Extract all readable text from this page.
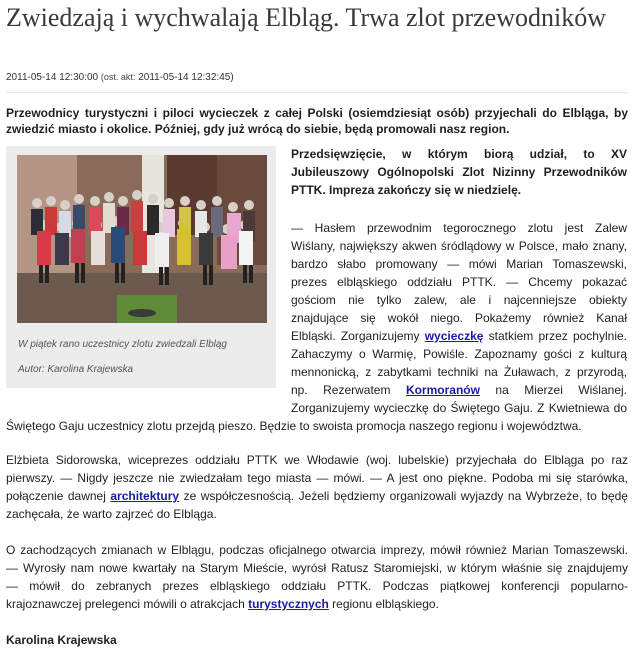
Zwiedzają i wychwalają Elbląg. Trwa zlot przewodników
2011-05-14 12:30:00 (ost. akt: 2011-05-14 12:32:45)

Przewodnicy turystyczni i piloci wycieczek z całej Polski (osiemdziesiąt osób) przyjechali do Elbląga, by zwiedzić miasto i okolice. Później, gdy już wrócą do siebie, będą promowali nasz region.

W piątek rano uczestnicy zlotu zwiedzali Elbląg
Autor: Karolina Krajewska
Przedsięwzięcie, w którym biorą udział, to XV
Jubileuszowy Ogólnopolski Zlot Nizinny Przewodników
PTTK. Impreza zakończy się w niedzielę.
— Hasłem przewodnim tegorocznego zlotu jest Zalew
Wiślany, największy akwen śródlądowy w Polsce, mało znany,
bardzo słabo promowany — mówi Marian Tomaszewski,
prezes elbląskiego oddziału PTTK. — Chcemy pokazać
gościom nie tylko zalew, ale i najcenniejsze obiekty
znajdujące się wokół niego. Pokażemy również Kanał
Elbląski. Zorganizujemy wycieczkę statkiem przez pochylnie.
Zahaczymy o Warmię, Powiśle. Zapoznamy gości z kulturą
mennonicką, z zabytkami techniki na Żuławach, z przyrodą,
np. Rezerwatem Kormoranów na Mierzei Wiślanej.
Zorganizujemy wycieczkę do Świętego Gaju. Z Kwietniewa do
Świętego Gaju uczestnicy zlotu przejdą pieszo. Będzie to swoista promocja naszego regionu i województwa.
Elżbieta Sidorowska, wiceprezes oddziału PTTK we Włodawie (woj. lubelskie) przyjechała do Elbląga po raz
pierwszy. — Nigdy jeszcze nie zwiedzałam tego miasta — mówi. — A jest ono piękne. Podoba mi się starówka,
połączenie dawnej architektury ze współczesnością. Jeżeli będziemy organizowali wyjazdy na Wybrzeże, to będę
zachęcała, że warto zajrzeć do Elbląga.
O zachodzących zmianach w Elblągu, podczas oficjalnego otwarcia imprezy, mówił również Marian Tomaszewski.
— Wyrosły nam nowe kwartały na Starym Mieście, wyrósł Ratusz Staromiejski, w którym właśnie się znajdujemy
— mówił do zebranych prezes elbląskiego oddziału PTTK. Podczas piątkowej konferencji popularno-
krajoznawczej prelegenci mówili o atrakcjach turystycznych regionu elbląskiego.
Karolina Krajewska
